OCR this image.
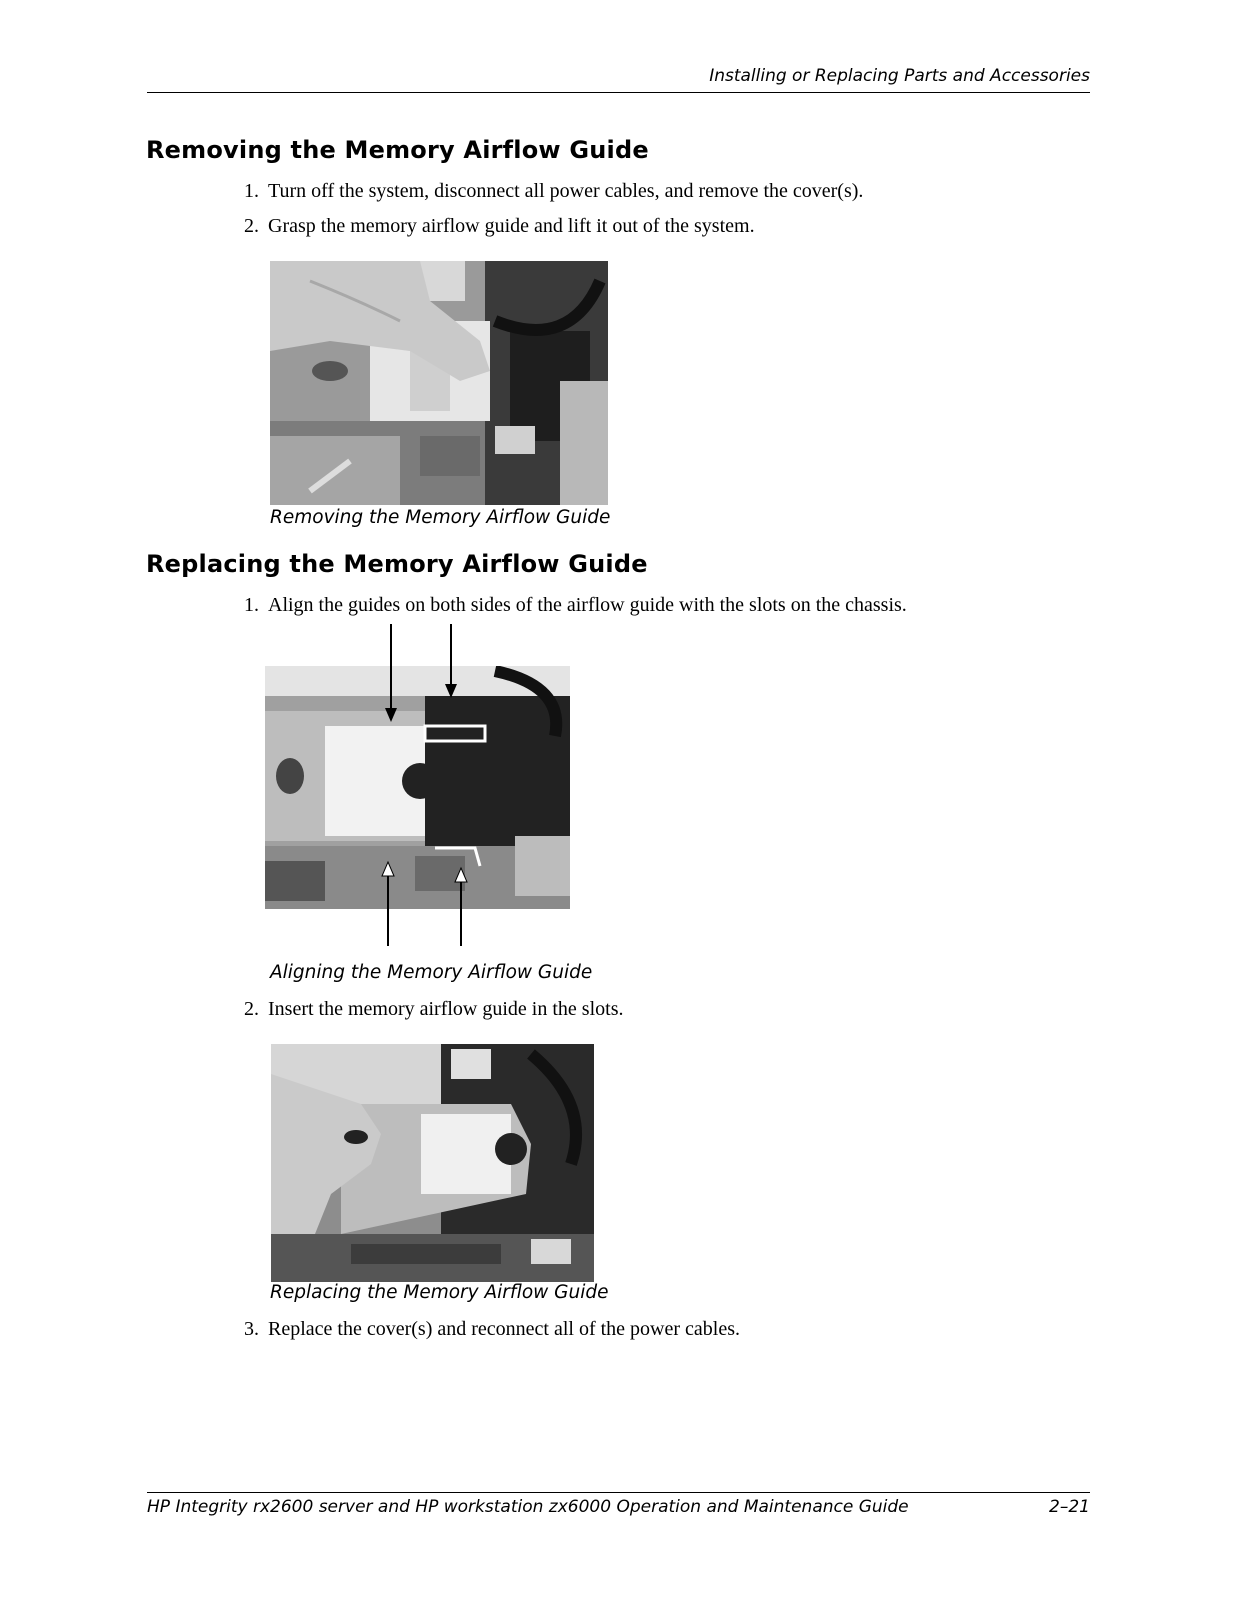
Installing or Replacing Parts and Accessories
Removing the Memory Airflow Guide
1. Turn off the system, disconnect all power cables, and remove the cover(s).
2. Grasp the memory airflow guide and lift it out of the system.
Removing the Memory Airflow Guide
Replacing the Memory Airflow Guide
1. Align the guides on both sides of the airflow guide with the slots on the chassis.
Aligning the Memory Airflow Guide
2. Insert the memory airflow guide in the slots.
Replacing the Memory Airflow Guide
3. Replace the cover(s) and reconnect all of the power cables.
HP Integrity rx2600 server and HP workstation zx6000 Operation and Maintenance Guide	2–21
